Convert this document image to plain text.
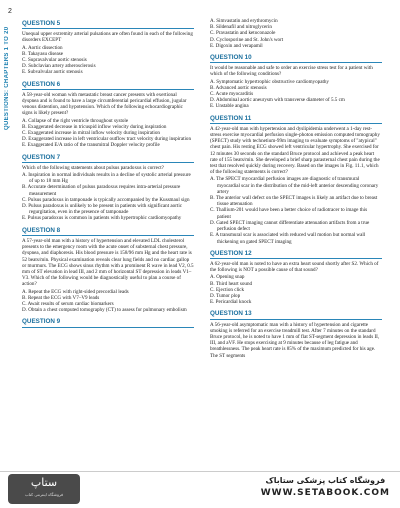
2
QUESTIONS: CHAPTERS 1 TO 20
QUESTION 5

Unequal upper extremity arterial pulsations are often found in each of the following disorders EXCEPT

A. Aortic dissection

B. Takayasu disease

C. Supravalvular aortic stenosis

D. Subclavian artery atherosclerosis

E. Subvalvular aortic stenosis

QUESTION 6

A 58-year-old woman with metastatic breast cancer presents with exertional dyspnea and is found to have a large circumferential pericardial effusion, jugular venous distention, and hypotension. Which of the following echocardiographic signs is likely present?

A. Collapse of the right ventricle throughout systole

B. Exaggerated decrease in tricuspid inflow velocity during inspiration

C. Exaggerated increase in mitral inflow velocity during inspiration

D. Exaggerated increase in left ventricular outflow tract velocity during inspiration

E. Exaggerated E/A ratio of the transmitral Doppler velocity profile

QUESTION 7

Which of the following statements about pulsus paradoxus is correct?

A. Inspiration in normal individuals results in a decline of systolic arterial pressure of up to 18 mm Hg

B. Accurate determination of pulsus paradoxus requires intra-arterial pressure measurement

C. Pulsus paradoxus in tamponade is typically accompanied by the Kussmaul sign

D. Pulsus paradoxus is unlikely to be present in patients with significant aortic regurgitation, even in the presence of tamponade

E. Pulsus paradoxus is common in patients with hypertrophic cardiomyopathy

QUESTION 8

A 57-year-old man with a history of hypertension and elevated LDL cholesterol presents to the emergency room with the acute onset of substernal chest pressure, dyspnea, and diaphoresis. His blood pressure is 158/96 mm Hg and the heart rate is 52 beats/min. Physical examination reveals clear lung fields and no cardiac gallop or murmurs. The ECG shows sinus rhythm with a prominent R wave in lead V2, 0.5 mm of ST elevation in lead III, and 2 mm of horizontal ST depression in leads V1–V3. Which of the following would be diagnostically useful to plan a course of action?

A. Repeat the ECG with right-sided precordial leads

B. Repeat the ECG with V7–V9 leads

C. Await results of serum cardiac biomarkers

D. Obtain a chest computed tomography (CT) to assess for pulmonary embolism

QUESTION 9

A. Simvastatin and erythromycin

B. Sildenafil and nitroglycerin

C. Pravastatin and ketoconazole

D. Cyclosporine and St. John's wort

E. Digoxin and verapamil

QUESTION 10

It would be reasonable and safe to order an exercise stress test for a patient with which of the following conditions?

A. Symptomatic hypertrophic obstructive cardiomyopathy

B. Advanced aortic stenosis

C. Acute myocarditis

D. Abdominal aortic aneurysm with transverse diameter of 5.5 cm

E. Unstable angina

QUESTION 11

A 42-year-old man with hypertension and dyslipidemia underwent a 1-day rest-stress exercise myocardial perfusion single-photon emission computed tomography (SPECT) study with technetium-99m imaging to evaluate symptoms of "atypical" chest pain. His resting ECG showed left ventricular hypertrophy. She exercised for 12 minutes 30 seconds on the standard Bruce protocol and achieved a peak heart rate of 155 beats/min. She developed a brief sharp parasternal chest pain during the test that resolved quickly during recovery. Based on the images in Fig. 11.1, which of the following statements is correct?

A. The SPECT myocardial perfusion images are diagnostic of transmural myocardial scar in the distribution of the mid-left anterior descending coronary artery

B. The anterior wall defect on the SPECT images is likely an artifact due to breast tissue attenuation

C. Thallium-201 would have been a better choice of radiotracer to image this patient

D. Gated SPECT imaging cannot differentiate attenuation artifacts from a true perfusion defect

E. A transmural scar is associated with reduced wall motion but normal wall thickening on gated SPECT imaging

QUESTION 12

A 62-year-old man is noted to have an extra heart sound shortly after S2. Which of the following is NOT a possible cause of that sound?

A. Opening snap

B. Third heart sound

C. Ejection click

D. Tumor plop

E. Pericardial knock

QUESTION 13

A 56-year-old asymptomatic man with a history of hypertension and cigarette smoking is referred for an exercise treadmill test. After 7 minutes on the standard Bruce protocol, he is noted to have 1 mm of flat ST-segment depression in leads II, III, and aVF. He stops exercising at 9 minutes because of leg fatigue and breathlessness. The peak heart rate is 85% of the maximum predicted for his age. The ST segments

ستاپ
فروشگاه اینترنتی کتاب
فروشگاه کتاب پزشکی ستاباک
WWW.SETABOOK.COM
